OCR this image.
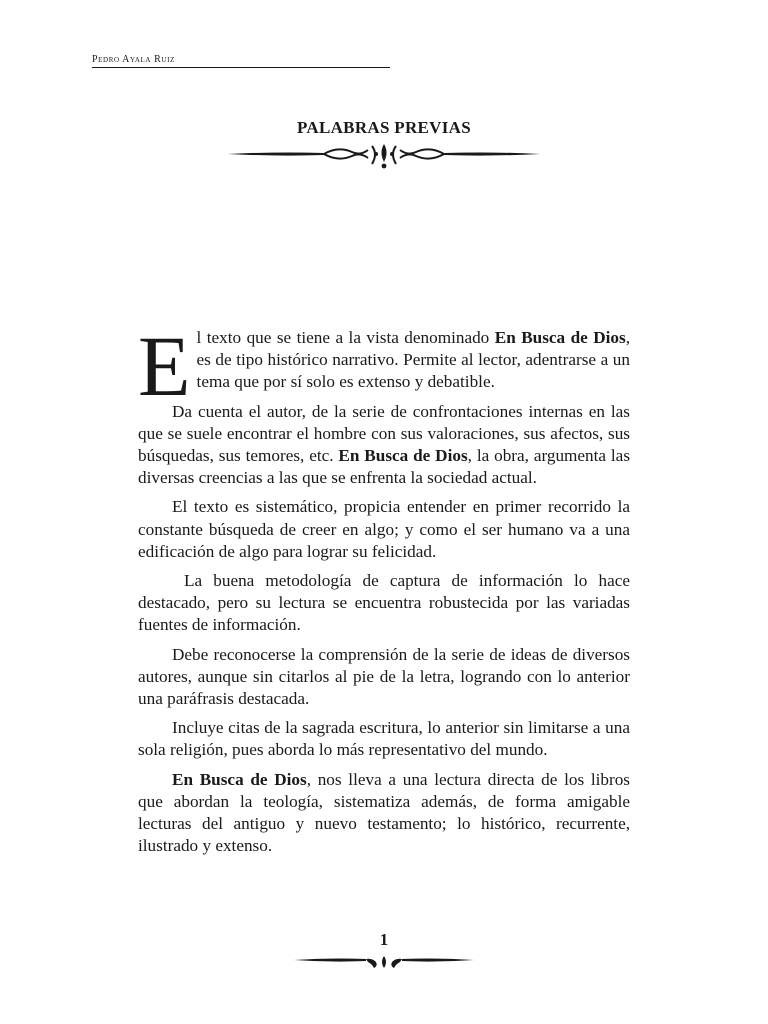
Pedro Ayala Ruiz
PALABRAS PREVIAS

El texto que se tiene a la vista denominado En Busca de Dios, es de tipo histórico narrativo. Permite al lector, adentrarse a un tema que por sí solo es extenso y debatible.

Da cuenta el autor, de la serie de confrontaciones internas en las que se suele encontrar el hombre con sus valoraciones, sus afectos, sus búsquedas, sus temores, etc. En Busca de Dios, la obra, argumenta las diversas creencias a las que se enfrenta la sociedad actual.

El texto es sistemático, propicia entender en primer recorrido la constante búsqueda de creer en algo; y como el ser humano va a una edificación de algo para lograr su felicidad.

La buena metodología de captura de información lo hace destacado, pero su lectura se encuentra robustecida por las variadas fuentes de información.

Debe reconocerse la comprensión de la serie de ideas de diversos autores, aunque sin citarlos al pie de la letra, logrando con lo anterior una paráfrasis destacada.

Incluye citas de la sagrada escritura, lo anterior sin limitarse a una sola religión, pues aborda lo más representativo del mundo.

En Busca de Dios, nos lleva a una lectura directa de los libros que abordan la teología, sistematiza además, de forma amigable lecturas del antiguo y nuevo testamento; lo histórico, recurrente, ilustrado y extenso.

1
